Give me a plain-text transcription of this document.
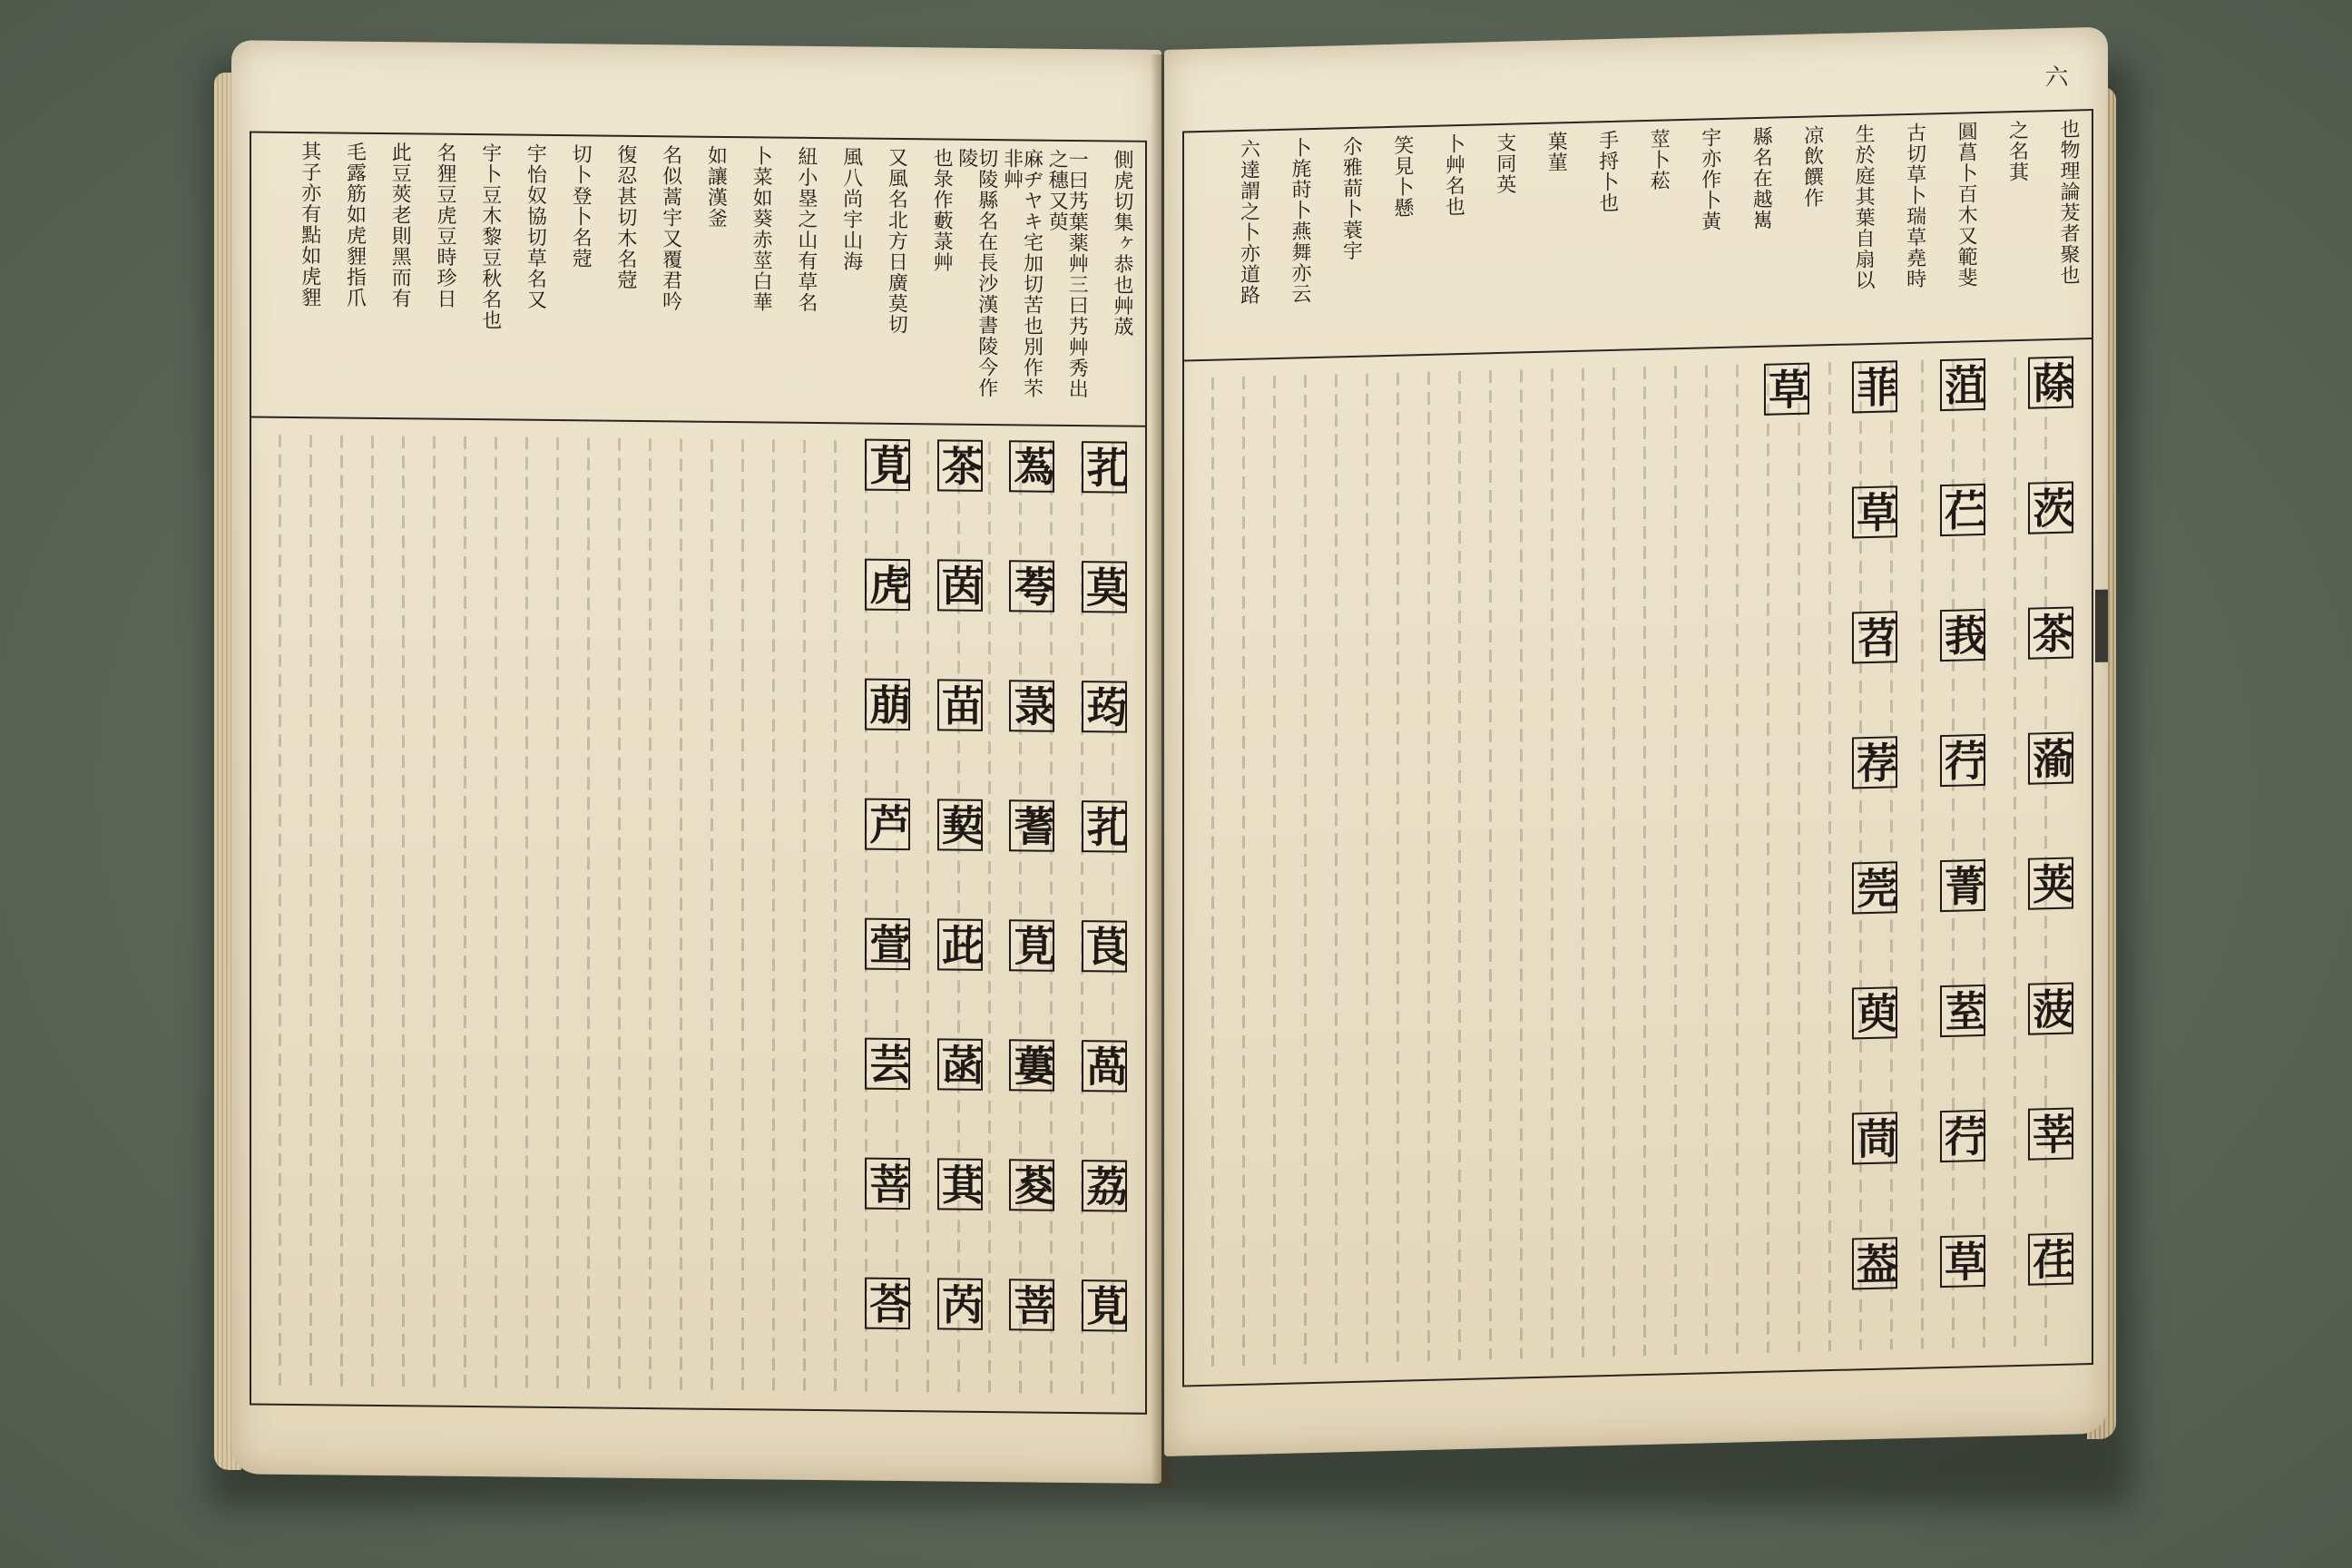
側虎切集ヶ恭也艸荿
一曰艿葉薬艸三曰艿艸秀出之穗又萸
麻ヂヤキ宅加切苦也別作芣非艸
切陵縣名在長沙漢書陵今作陵
也彔作藪菉艸
又風名北方日廣莫切
風八尚宇山海
紐小塁之山有草名
卜菜如葵赤莖白華
如讓漢釜
名似蒿宇又覆君吟
復忍甚切木名蒄
切卜登卜名蒄
宇怡奴協切草名又
宇卜豆木黎豆秋名也
名狸豆虎豆時珍日
此豆莢老則黑而有
毛露筋如虎貍指爪
其子亦有點如虎貍
芤
莫
荺
芤
茛
萵
荔
莧
蒍
荂
菉
蓍
莧
蔞
荾
菩
茶
茵
苗
葜
茈
菡
萁
芮
莧
虎
萠
芦
萱
芸
菩
荅
也物理論茇者聚也
之名萁
圓菖卜百木又範斐
古切草卜瑞草堯時
生於庭其葉自扇以
凉飲饌作
縣名在越嶲
宇亦作卜黃
莖卜菘
手捋卜也
菓菫
支同英
卜艸名也
笑見卜懸
尒雅葥卜蓑宇
卜旄莳卜燕舞亦云
六達謂之卜亦道路
蒢
茨
茶
蕍
荚
菠
莘
荏
菹
芢
莪
荇
菁
荎
荇
草
菲
草
苕
荐
莞
萸
茼
葢
草
六
